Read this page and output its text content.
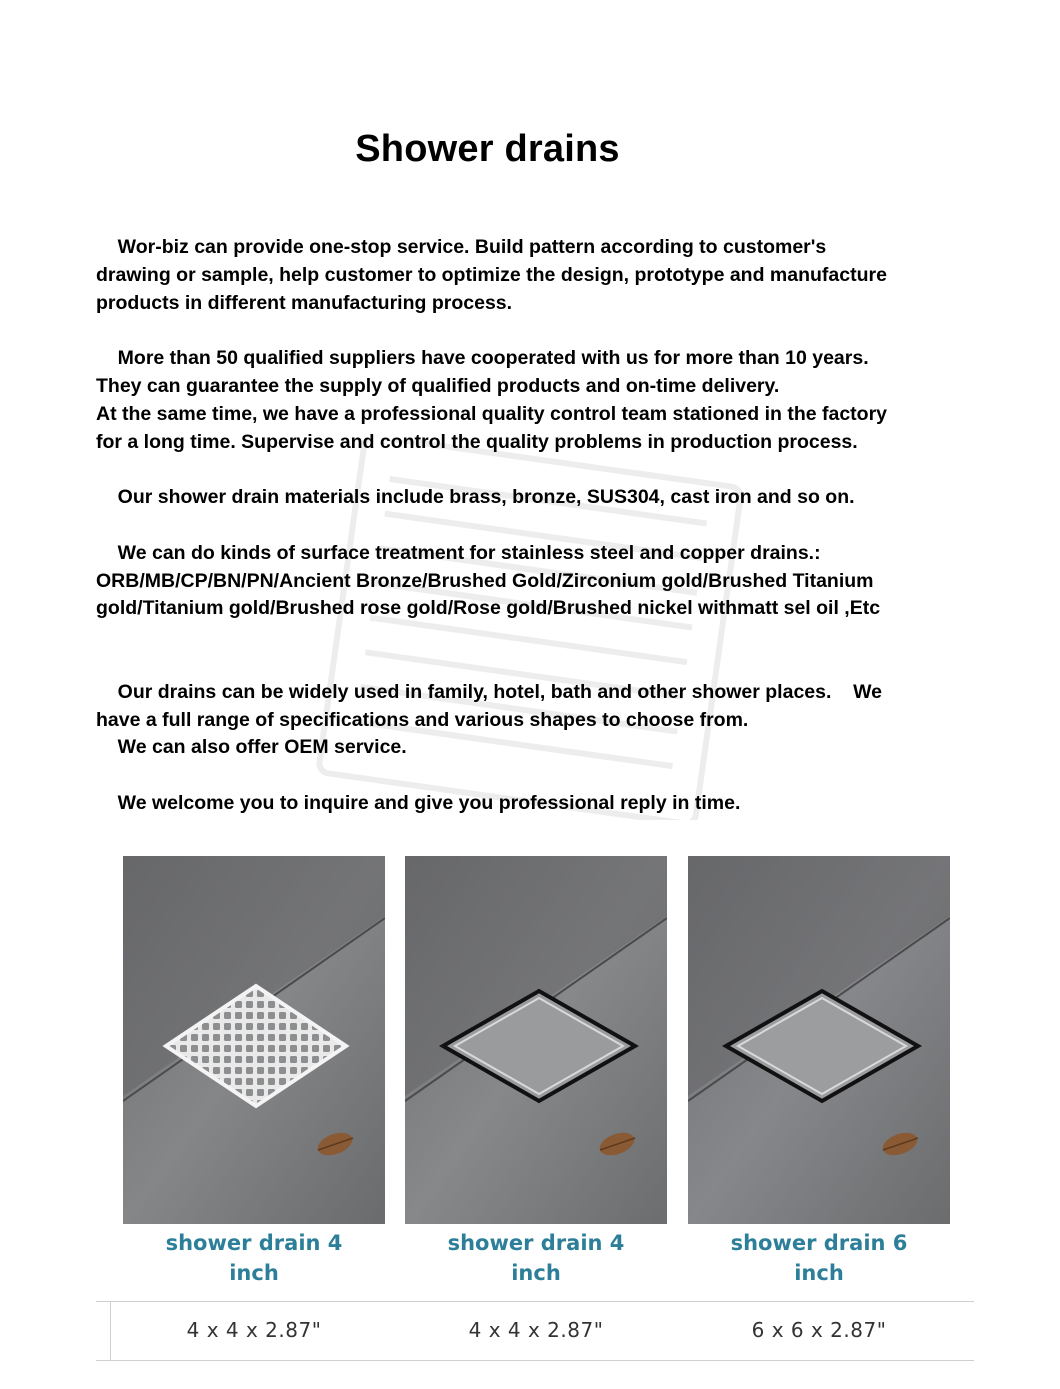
Shower drains

Wor-biz can provide one-stop service. Build pattern according to customer's
drawing or sample, help customer to optimize the design, prototype and manufacture
products in different manufacturing process.

More than 50 qualified suppliers have cooperated with us for more than 10 years.
They can guarantee the supply of qualified products and on-time delivery.
At the same time, we have a professional quality control team stationed in the factory
for a long time. Supervise and control the quality problems in production process.

Our shower drain materials include brass, bronze, SUS304, cast iron and so on.

We can do kinds of surface treatment for stainless steel and copper drains.:
ORB/MB/CP/BN/PN/Ancient Bronze/Brushed Gold/Zirconium gold/Brushed Titanium
gold/Titanium gold/Brushed rose gold/Rose gold/Brushed nickel withmatt sel oil ,Etc

Our drains can be widely used in family, hotel, bath and other shower places.    We
have a full range of specifications and various shapes to choose from.
We can also offer OEM service.

We welcome you to inquire and give you professional reply in time.

shower drain 4
inch
shower drain 4
inch
shower drain 6
inch
4 x 4 x 2.87"	4 x 4 x 2.87"	6 x 6 x 2.87"
